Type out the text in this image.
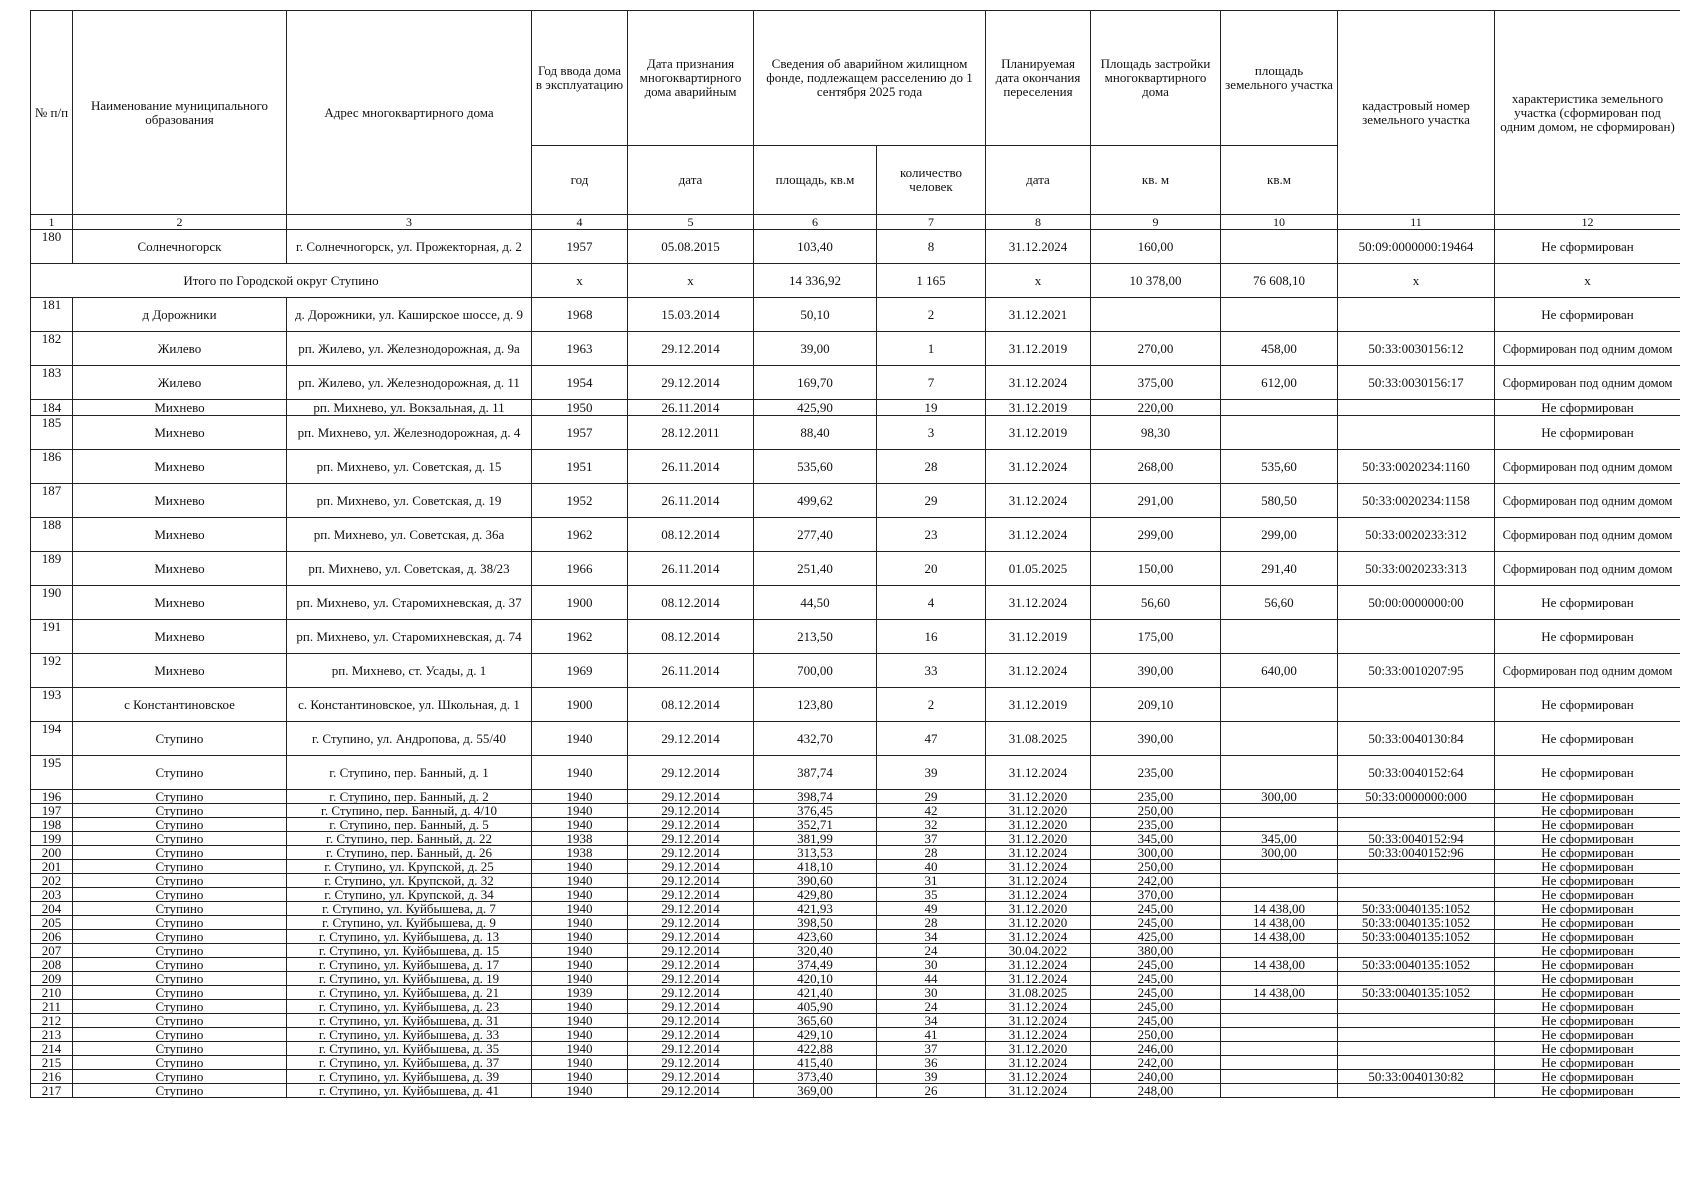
№ п/п	Наименование муниципального образования	Адрес многоквартирного дома	Год ввода дома в эксплуатацию	Дата признания многоквартирного дома аварийным	Сведения об аварийном жилищном фонде, подлежащем расселению до 1 сентября 2025 года		Планируемая дата окончания переселения	Площадь застройки многоквартирного дома	площадь земельного участка	кадастровый номер земельного участка	характеристика земельного участка (сформирован под одним домом, не сформирован)
			год	дата	площадь, кв.м	количество человек	дата	кв. м	кв.м		
1	2	3	4	5	6	7	8	9	10	11	12
180	Солнечногорск	г. Солнечногорск, ул. Прожекторная, д. 2	1957	05.08.2015	103,40	8	31.12.2024	160,00		50:09:0000000:19464	Не сформирован
Итого по Городской округ Ступино			х	х	14 336,92	1 165	х	10 378,00	76 608,10	х	х
181	д Дорожники	д. Дорожники, ул. Каширское шоссе, д. 9	1968	15.03.2014	50,10	2	31.12.2021				Не сформирован
182	Жилево	рп. Жилево, ул. Железнодорожная, д. 9а	1963	29.12.2014	39,00	1	31.12.2019	270,00	458,00	50:33:0030156:12	Сформирован под одним домом
183	Жилево	рп. Жилево, ул. Железнодорожная, д. 11	1954	29.12.2014	169,70	7	31.12.2024	375,00	612,00	50:33:0030156:17	Сформирован под одним домом
184	Михнево	рп. Михнево, ул. Вокзальная, д. 11	1950	26.11.2014	425,90	19	31.12.2019	220,00			Не сформирован
185	Михнево	рп. Михнево, ул. Железнодорожная, д. 4	1957	28.12.2011	88,40	3	31.12.2019	98,30			Не сформирован
186	Михнево	рп. Михнево, ул. Советская, д. 15	1951	26.11.2014	535,60	28	31.12.2024	268,00	535,60	50:33:0020234:1160	Сформирован под одним домом
187	Михнево	рп. Михнево, ул. Советская, д. 19	1952	26.11.2014	499,62	29	31.12.2024	291,00	580,50	50:33:0020234:1158	Сформирован под одним домом
188	Михнево	рп. Михнево, ул. Советская, д. 36а	1962	08.12.2014	277,40	23	31.12.2024	299,00	299,00	50:33:0020233:312	Сформирован под одним домом
189	Михнево	рп. Михнево, ул. Советская, д. 38/23	1966	26.11.2014	251,40	20	01.05.2025	150,00	291,40	50:33:0020233:313	Сформирован под одним домом
190	Михнево	рп. Михнево, ул. Старомихневская, д. 37	1900	08.12.2014	44,50	4	31.12.2024	56,60	56,60	50:00:0000000:00	Не сформирован
191	Михнево	рп. Михнево, ул. Старомихневская, д. 74	1962	08.12.2014	213,50	16	31.12.2019	175,00			Не сформирован
192	Михнево	рп. Михнево, ст. Усады, д. 1	1969	26.11.2014	700,00	33	31.12.2024	390,00	640,00	50:33:0010207:95	Сформирован под одним домом
193	с Константиновское	с. Константиновское, ул. Школьная, д. 1	1900	08.12.2014	123,80	2	31.12.2019	209,10			Не сформирован
194	Ступино	г. Ступино, ул. Андропова, д. 55/40	1940	29.12.2014	432,70	47	31.08.2025	390,00		50:33:0040130:84	Не сформирован
195	Ступино	г. Ступино, пер. Банный, д. 1	1940	29.12.2014	387,74	39	31.12.2024	235,00		50:33:0040152:64	Не сформирован
196	Ступино	г. Ступино, пер. Банный, д. 2	1940	29.12.2014	398,74	29	31.12.2020	235,00	300,00	50:33:0000000:000	Не сформирован
197	Ступино	г. Ступино, пер. Банный, д. 4/10	1940	29.12.2014	376,45	42	31.12.2020	250,00			Не сформирован
198	Ступино	г. Ступино, пер. Банный, д. 5	1940	29.12.2014	352,71	32	31.12.2020	235,00			Не сформирован
199	Ступино	г. Ступино, пер. Банный, д. 22	1938	29.12.2014	381,99	37	31.12.2020	345,00	345,00	50:33:0040152:94	Не сформирован
200	Ступино	г. Ступино, пер. Банный, д. 26	1938	29.12.2014	313,53	28	31.12.2024	300,00	300,00	50:33:0040152:96	Не сформирован
201	Ступино	г. Ступино, ул. Крупской, д. 25	1940	29.12.2014	418,10	40	31.12.2024	250,00			Не сформирован
202	Ступино	г. Ступино, ул. Крупской, д. 32	1940	29.12.2014	390,60	31	31.12.2024	242,00			Не сформирован
203	Ступино	г. Ступино, ул. Крупской, д. 34	1940	29.12.2014	429,80	35	31.12.2024	370,00			Не сформирован
204	Ступино	г. Ступино, ул. Куйбышева, д. 7	1940	29.12.2014	421,93	49	31.12.2020	245,00	14 438,00	50:33:0040135:1052	Не сформирован
205	Ступино	г. Ступино, ул. Куйбышева, д. 9	1940	29.12.2014	398,50	28	31.12.2020	245,00	14 438,00	50:33:0040135:1052	Не сформирован
206	Ступино	г. Ступино, ул. Куйбышева, д. 13	1940	29.12.2014	423,60	34	31.12.2024	425,00	14 438,00	50:33:0040135:1052	Не сформирован
207	Ступино	г. Ступино, ул. Куйбышева, д. 15	1940	29.12.2014	320,40	24	30.04.2022	380,00			Не сформирован
208	Ступино	г. Ступино, ул. Куйбышева, д. 17	1940	29.12.2014	374,49	30	31.12.2024	245,00	14 438,00	50:33:0040135:1052	Не сформирован
209	Ступино	г. Ступино, ул. Куйбышева, д. 19	1940	29.12.2014	420,10	44	31.12.2024	245,00			Не сформирован
210	Ступино	г. Ступино, ул. Куйбышева, д. 21	1939	29.12.2014	421,40	30	31.08.2025	245,00	14 438,00	50:33:0040135:1052	Не сформирован
211	Ступино	г. Ступино, ул. Куйбышева, д. 23	1940	29.12.2014	405,90	24	31.12.2024	245,00			Не сформирован
212	Ступино	г. Ступино, ул. Куйбышева, д. 31	1940	29.12.2014	365,60	34	31.12.2024	245,00			Не сформирован
213	Ступино	г. Ступино, ул. Куйбышева, д. 33	1940	29.12.2014	429,10	41	31.12.2024	250,00			Не сформирован
214	Ступино	г. Ступино, ул. Куйбышева, д. 35	1940	29.12.2014	422,88	37	31.12.2020	246,00			Не сформирован
215	Ступино	г. Ступино, ул. Куйбышева, д. 37	1940	29.12.2014	415,40	36	31.12.2024	242,00			Не сформирован
216	Ступино	г. Ступино, ул. Куйбышева, д. 39	1940	29.12.2014	373,40	39	31.12.2024	240,00		50:33:0040130:82	Не сформирован
217	Ступино	г. Ступино, ул. Куйбышева, д. 41	1940	29.12.2014	369,00	26	31.12.2024	248,00			Не сформирован
